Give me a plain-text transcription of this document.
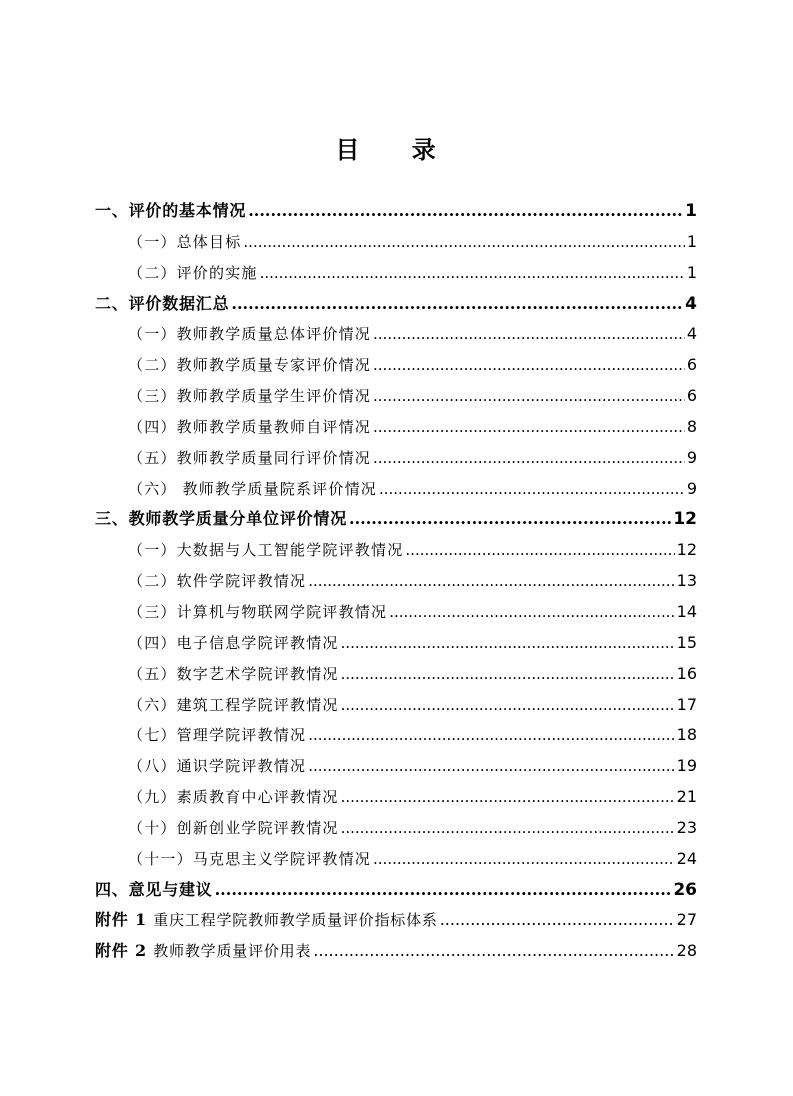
目 录
一、评价的基本情况 .....	1
（一）总体目标 .....	1
（二）评价的实施 .....	1
二、评价数据汇总 .....	4
（一）教师教学质量总体评价情况 .....	4
（二）教师教学质量专家评价情况 .....	6
（三）教师教学质量学生评价情况 .....	6
（四）教师教学质量教师自评情况 .....	8
（五）教师教学质量同行评价情况 .....	9
（六） 教师教学质量院系评价情况 .....	9
三、教师教学质量分单位评价情况 .....	12
（一）大数据与人工智能学院评教情况 .....	12
（二）软件学院评教情况 .....	13
（三）计算机与物联网学院评教情况 .....	14
（四）电子信息学院评教情况 .....	15
（五）数字艺术学院评教情况 .....	16
（六）建筑工程学院评教情况 .....	17
（七）管理学院评教情况 .....	18
（八）通识学院评教情况 .....	19
（九）素质教育中心评教情况 .....	21
（十）创新创业学院评教情况 .....	23
（十一）马克思主义学院评教情况 .....	24
四、意见与建议 .....	26
附件 1 重庆工程学院教师教学质量评价指标体系 .....	27
附件 2 教师教学质量评价用表 .....	28
